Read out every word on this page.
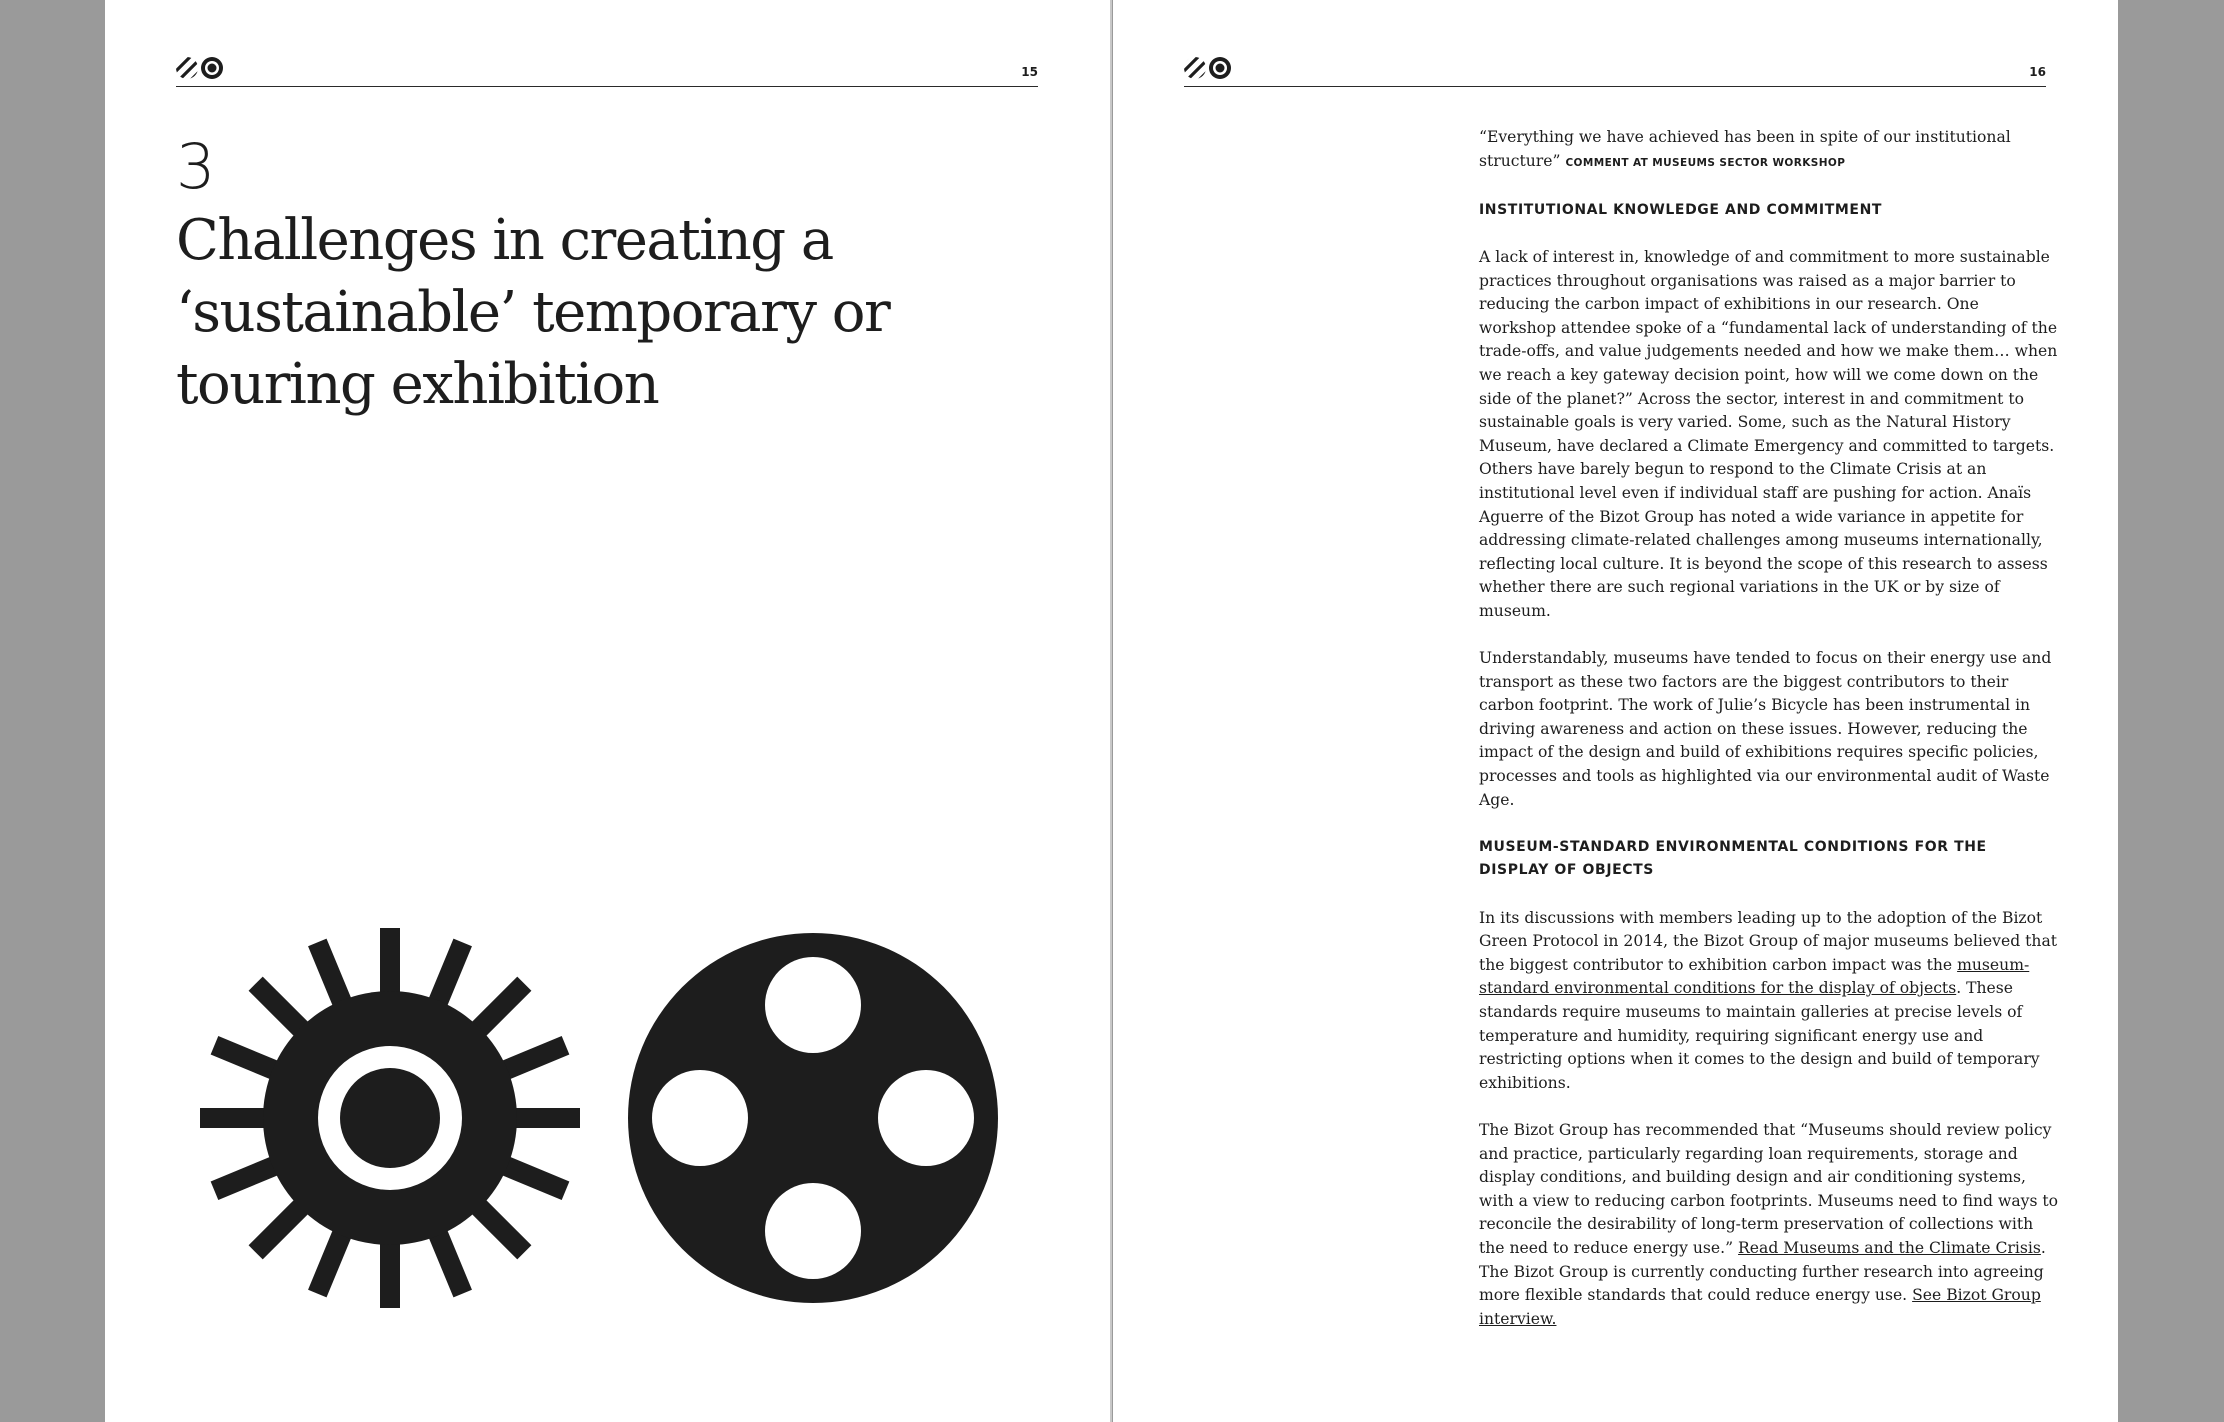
15
3
Challenges in creating a ‘sustainable’ temporary or touring exhibition
16

“Everything we have achieved has been in spite of our institutional structure” COMMENT AT MUSEUMS SECTOR WORKSHOP

INSTITUTIONAL KNOWLEDGE AND COMMITMENT

A lack of interest in, knowledge of and commitment to more sustainable practices throughout organisations was raised as a major barrier to reducing the carbon impact of exhibitions in our research. One workshop attendee spoke of a “fundamental lack of understanding of the trade-offs, and value judgements needed and how we make them… when we reach a key gateway decision point, how will we come down on the side of the planet?” Across the sector, interest in and commitment to sustainable goals is very varied. Some, such as the Natural History Museum, have declared a Climate Emergency and committed to targets. Others have barely begun to respond to the Climate Crisis at an institutional level even if individual staff are pushing for action. Anaïs Aguerre of the Bizot Group has noted a wide variance in appetite for addressing climate-related challenges among museums internationally, reflecting local culture. It is beyond the scope of this research to assess whether there are such regional variations in the UK or by size of museum.

Understandably, museums have tended to focus on their energy use and transport as these two factors are the biggest contributors to their carbon footprint. The work of Julie’s Bicycle has been instrumental in driving awareness and action on these issues. However, reducing the impact of the design and build of exhibitions requires specific policies, processes and tools as highlighted via our environmental audit of Waste Age.

MUSEUM-STANDARD ENVIRONMENTAL CONDITIONS FOR THE DISPLAY OF OBJECTS

In its discussions with members leading up to the adoption of the Bizot Green Protocol in 2014, the Bizot Group of major museums believed that the biggest contributor to exhibition carbon impact was the museum-standard environmental conditions for the display of objects. These standards require museums to maintain galleries at precise levels of temperature and humidity, requiring significant energy use and restricting options when it comes to the design and build of temporary exhibitions.

The Bizot Group has recommended that “Museums should review policy and practice, particularly regarding loan requirements, storage and display conditions, and building design and air conditioning systems, with a view to reducing carbon footprints. Museums need to find ways to reconcile the desirability of long-term preservation of collections with the need to reduce energy use.” Read Museums and the Climate Crisis. The Bizot Group is currently conducting further research into agreeing more flexible standards that could reduce energy use. See Bizot Group interview.
